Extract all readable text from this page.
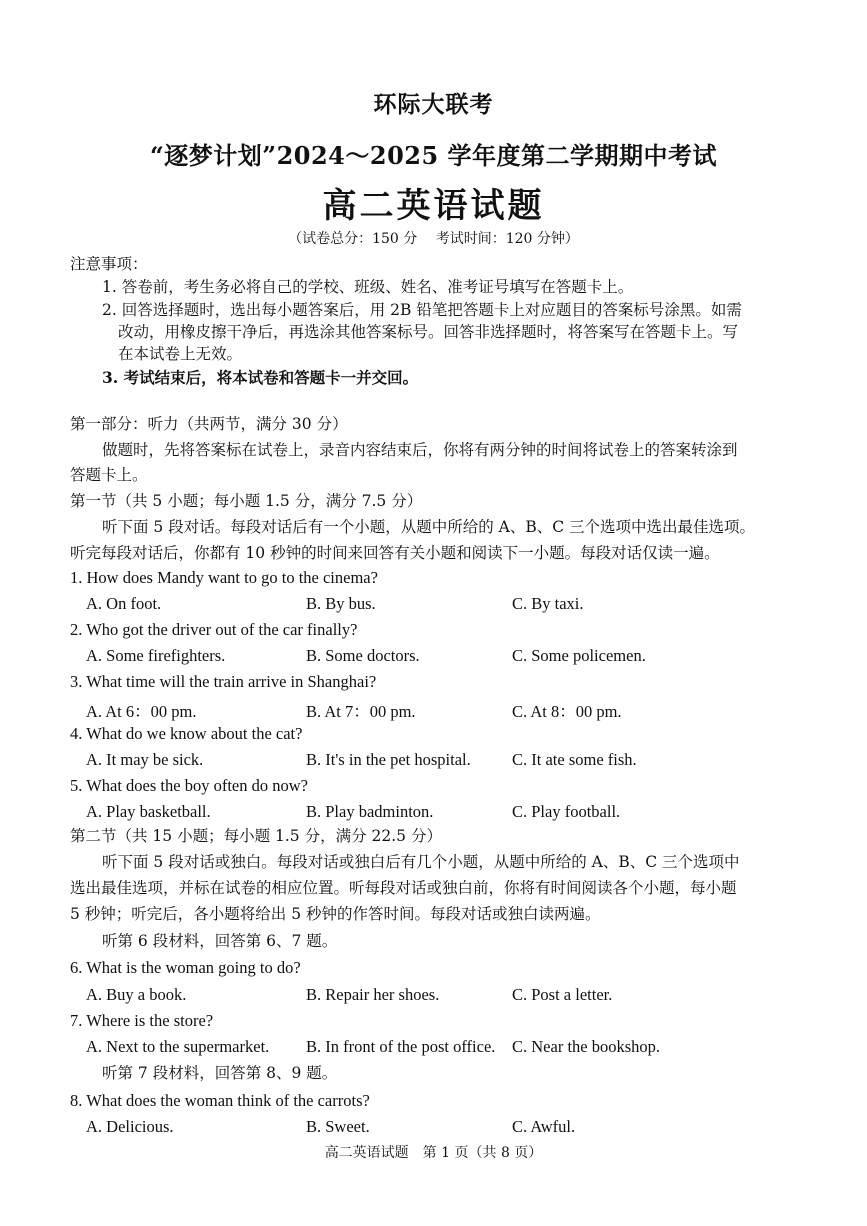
环际大联考
“逐梦计划”2024～2025 学年度第二学期期中考试
高二英语试题
（试卷总分：150 分　 考试时间：120 分钟）
注意事项：
1. 答卷前，考生务必将自己的学校、班级、姓名、准考证号填写在答题卡上。
2. 回答选择题时，选出每小题答案后，用 2B 铅笔把答题卡上对应题目的答案标号涂黑。如需
改动，用橡皮擦干净后，再选涂其他答案标号。回答非选择题时，将答案写在答题卡上。写
在本试卷上无效。
3. 考试结束后，将本试卷和答题卡一并交回。
第一部分：听力（共两节，满分 30 分）
做题时，先将答案标在试卷上，录音内容结束后，你将有两分钟的时间将试卷上的答案转涂到
答题卡上。
第一节（共 5 小题；每小题 1.5 分，满分 7.5 分）
听下面 5 段对话。每段对话后有一个小题，从题中所给的 A、B、C 三个选项中选出最佳选项。
听完每段对话后，你都有 10 秒钟的时间来回答有关小题和阅读下一小题。每段对话仅读一遍。
1. How does Mandy want to go to the cinema?
A. On foot.	B. By bus.	C. By taxi.
2. Who got the driver out of the car finally?
A. Some firefighters.	B. Some doctors.	C. Some policemen.
3. What time will the train arrive in Shanghai?
A. At 6：00 pm.	B. At 7：00 pm.	C. At 8：00 pm.
4. What do we know about the cat?
A. It may be sick.	B. It's in the pet hospital. C. It ate some fish.
5. What does the boy often do now?
A. Play basketball.	B. Play badminton.	C. Play football.
第二节（共 15 小题；每小题 1.5 分，满分 22.5 分）
听下面 5 段对话或独白。每段对话或独白后有几个小题，从题中所给的 A、B、C 三个选项中
选出最佳选项，并标在试卷的相应位置。听每段对话或独白前，你将有时间阅读各个小题，每小题
5 秒钟；听完后，各小题将给出 5 秒钟的作答时间。每段对话或独白读两遍。
听第 6 段材料，回答第 6、7 题。
6. What is the woman going to do?
A. Buy a book.	B. Repair her shoes.	C. Post a letter.
7. Where is the store?
A. Next to the supermarket. B. In front of the post office. C. Near the bookshop.
听第 7 段材料，回答第 8、9 题。
8. What does the woman think of the carrots?
A. Delicious.	B. Sweet.	C. Awful.
高二英语试题　第 1 页（共 8 页）
